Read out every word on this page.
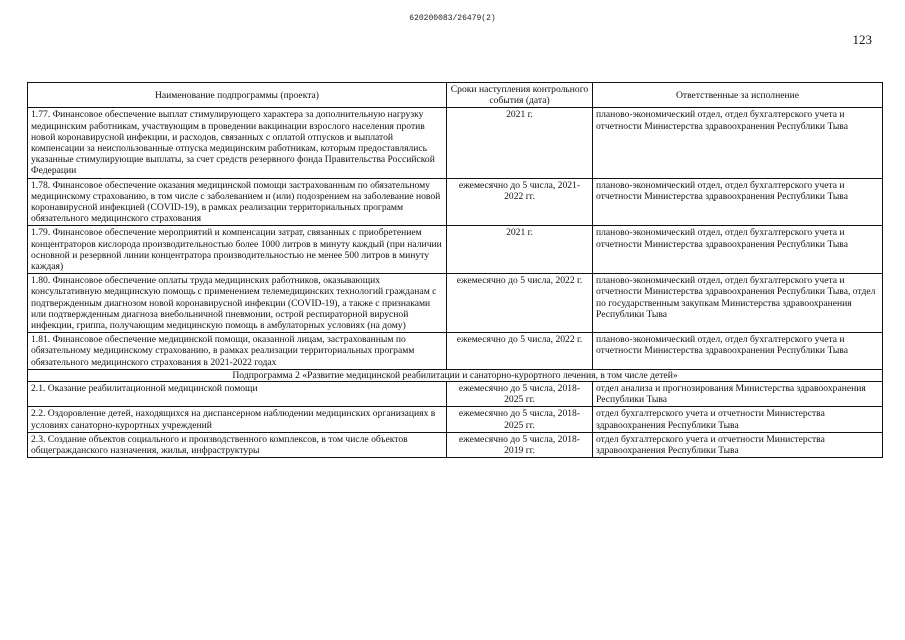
620200083/26479(2)
123
Наименование подпрограммы (проекта)	Сроки наступления контрольного события (дата)	Ответственные за исполнение
1.77. Финансовое обеспечение выплат стимулирующего характера за дополнительную нагрузку медицинским работникам, участвующим в проведении вакцинации взрослого населения против новой коронавирусной инфекции, и расходов, связанных с оплатой отпусков и выплатой компенсации за неиспользованные отпуска медицинским работникам, которым предоставлялись указанные стимулирующие выплаты, за счет средств резервного фонда Правительства Российской Федерации	2021 г.	планово-экономический отдел, отдел бухгалтерского учета и отчетности Министерства здравоохранения Республики Тыва
1.78. Финансовое обеспечение оказания медицинской помощи застрахованным по обязательному медицинскому страхованию, в том числе с заболеванием и (или) подозрением на заболевание новой коронавирусной инфекцией (COVID-19), в рамках реализации территориальных программ обязательного медицинского страхования	ежемесячно до 5 числа, 2021-2022 гг.	планово-экономический отдел, отдел бухгалтерского учета и отчетности Министерства здравоохранения Республики Тыва
1.79. Финансовое обеспечение мероприятий и компенсации затрат, связанных с приобретением концентраторов кислорода производительностью более 1000 литров в минуту каждый (при наличии основной и резервной линии концентратора производительностью не менее 500 литров в минуту каждая)	2021 г.	планово-экономический отдел, отдел бухгалтерского учета и отчетности Министерства здравоохранения Республики Тыва
1.80. Финансовое обеспечение оплаты труда медицинских работников, оказывающих консультативную медицинскую помощь с применением телемедицинских технологий гражданам с подтвержденным диагнозом новой коронавирусной инфекции (COVID-19), а также с признаками или подтвержденным диагноза внебольничной пневмонии, острой респираторной вирусной инфекции, гриппа, получающим медицинскую помощь в амбулаторных условиях (на дому)	ежемесячно до 5 числа, 2022 г.	планово-экономический отдел, отдел бухгалтерского учета и отчетности Министерства здравоохранения Республики Тыва, отдел по государственным закупкам Министерства здравоохранения Республики Тыва
1.81. Финансовое обеспечение медицинской помощи, оказанной лицам, застрахованным по обязательному медицинскому страхованию, в рамках реализации территориальных программ обязательного медицинского страхования в 2021-2022 годах	ежемесячно до 5 числа, 2022 г.	планово-экономический отдел, отдел бухгалтерского учета и отчетности Министерства здравоохранения Республики Тыва
Подпрограмма 2 «Развитие медицинской реабилитации и санаторно-курортного лечения, в том числе детей»		
2.1. Оказание реабилитационной медицинской помощи	ежемесячно до 5 числа, 2018-2025 гг.	отдел анализа и прогнозирования Министерства здравоохранения Республики Тыва
2.2. Оздоровление детей, находящихся на диспансерном наблюдении медицинских организациях в условиях санаторно-курортных учреждений	ежемесячно до 5 числа, 2018-2025 гг.	отдел бухгалтерского учета и отчетности Министерства здравоохранения Республики Тыва
2.3. Создание объектов социального и производственного комплексов, в том числе объектов общегражданского назначения, жилья, инфраструктуры	ежемесячно до 5 числа, 2018-2019 гг.	отдел бухгалтерского учета и отчетности Министерства здравоохранения Республики Тыва
